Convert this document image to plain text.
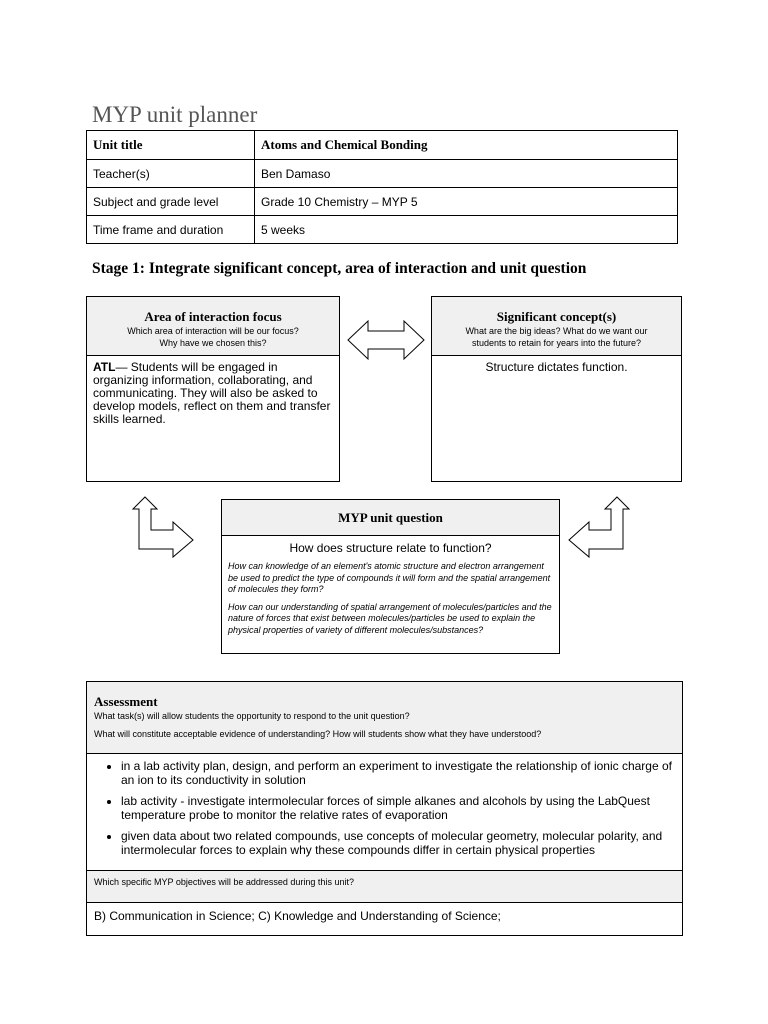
MYP unit planner
Unit title	Atoms and Chemical Bonding
Teacher(s)	Ben Damaso
Subject and grade level	Grade 10 Chemistry – MYP 5
Time frame and duration	5 weeks
Stage 1: Integrate significant concept, area of interaction and unit question
Area of interaction focus
Which area of interaction will be our focus?
Why have we chosen this?
ATL— Students will be engaged in organizing information, collaborating, and communicating. They will also be asked to develop models, reflect on them and transfer skills learned.
Significant concept(s)
What are the big ideas? What do we want our
students to retain for years into the future?
Structure dictates function.
MYP unit question
How does structure relate to function?
How can knowledge of an element's atomic structure and electron arrangement be used to predict the type of compounds it will form and the spatial arrangement of molecules they form?
How can our understanding of spatial arrangement of molecules/particles and the nature of forces that exist between molecules/particles be used to explain the physical properties of variety of different molecules/substances?
Assessment
What task(s) will allow students the opportunity to respond to the unit question?
What will constitute acceptable evidence of understanding? How will students show what they have understood?
• in a lab activity plan, design, and perform an experiment to investigate the relationship of ionic charge of an ion to its conductivity in solution
• lab activity - investigate intermolecular forces of simple alkanes and alcohols by using the LabQuest temperature probe to monitor the relative rates of evaporation
• given data about two related compounds, use concepts of molecular geometry, molecular polarity, and intermolecular forces to explain why these compounds differ in certain physical properties
Which specific MYP objectives will be addressed during this unit?
B) Communication in Science; C) Knowledge and Understanding of Science;
